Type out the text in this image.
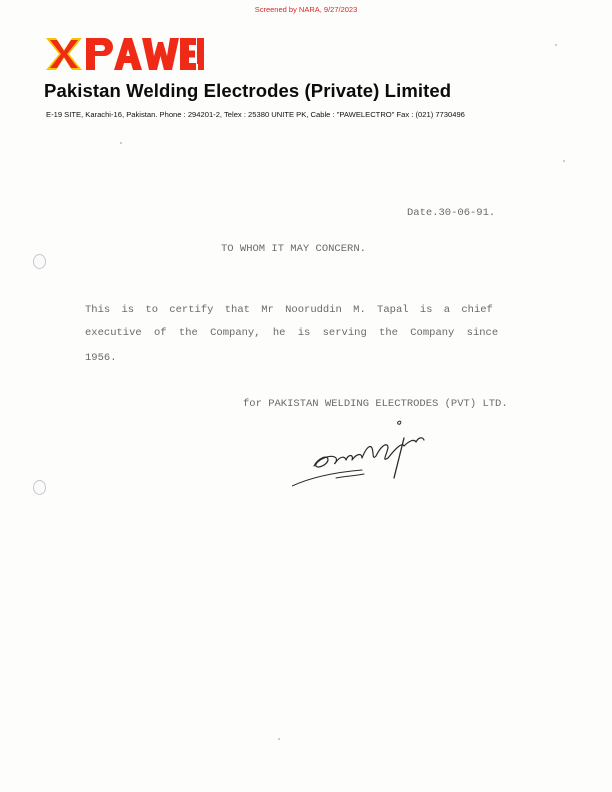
Screened by NARA, 9/27/2023
Pakistan Welding Electrodes (Private) Limited
E-19 SITE, Karachi-16, Pakistan. Phone : 294201-2, Telex : 25380 UNITE PK, Cable : "PAWELECTRO" Fax : (021) 7730496
Date.30-06-91.
TO WHOM IT MAY CONCERN.
This is to certify that Mr Nooruddin M. Tapal is a chief
executive of the Company, he is serving the Company since
1956.
for PAKISTAN WELDING ELECTRODES (PVT) LTD.
